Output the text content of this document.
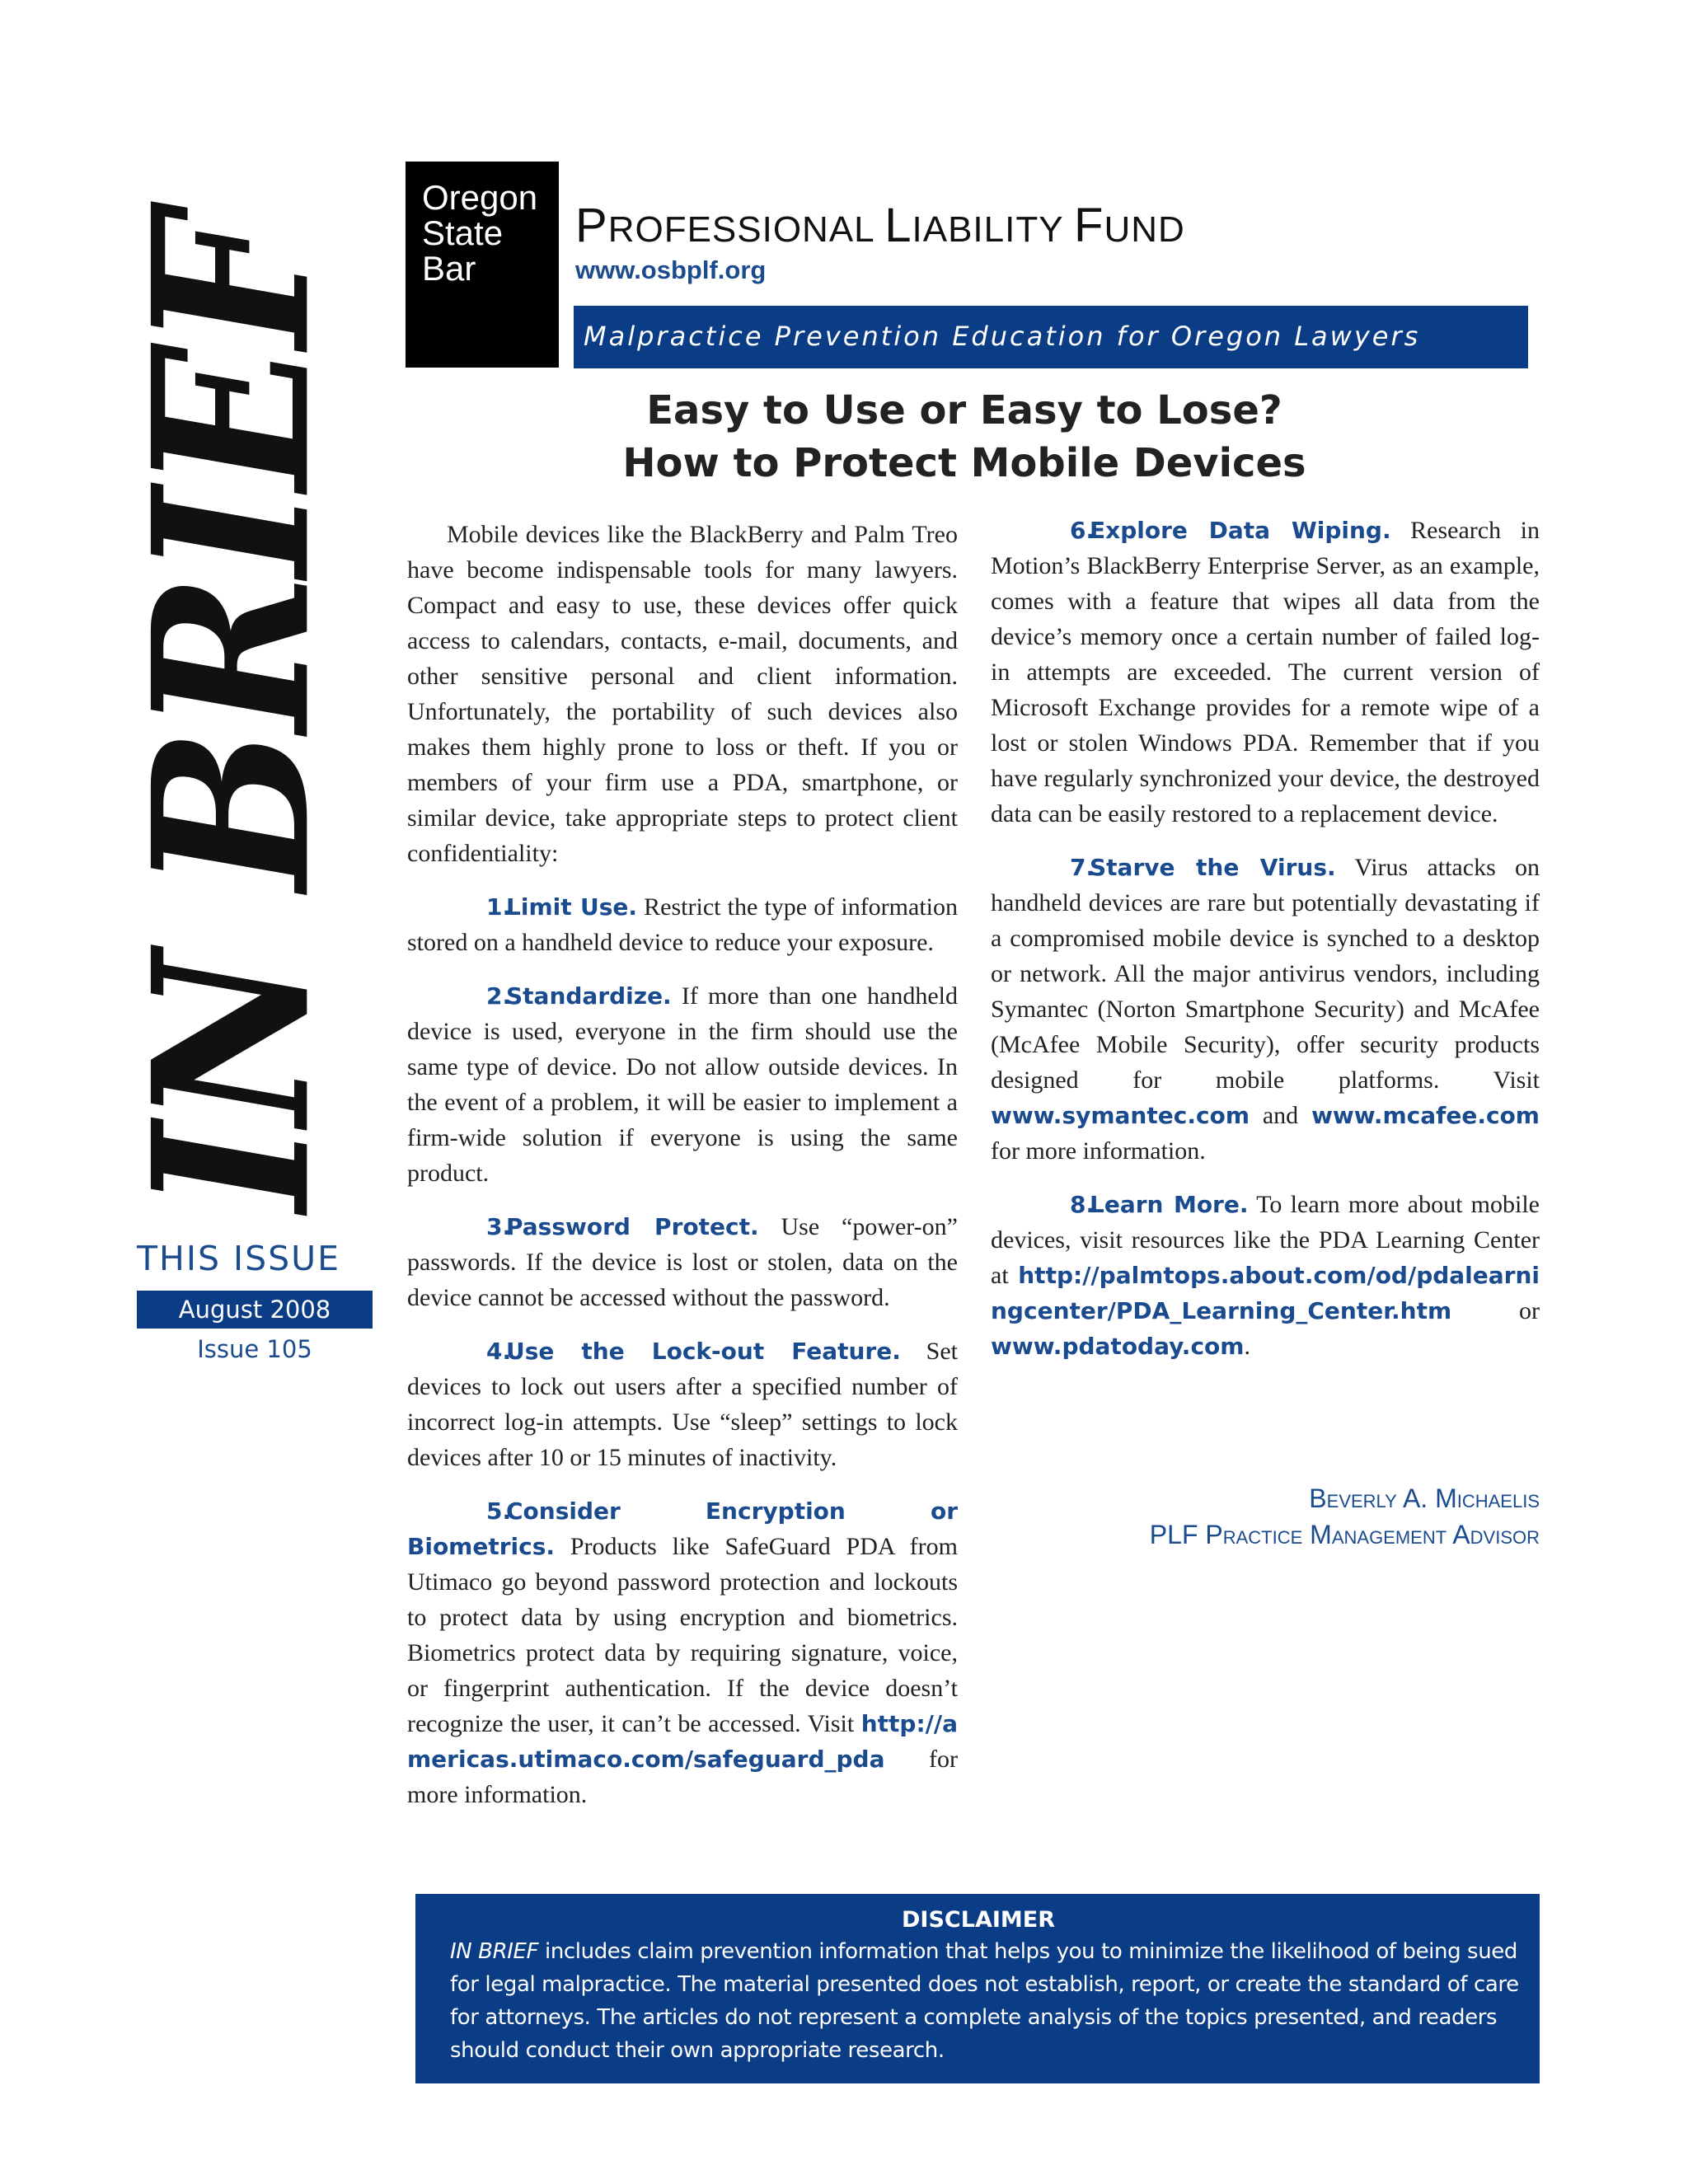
IN BRIEF
Oregon
State
Bar
PROFESSIONAL LIABILITY FUND
www.osbplf.org
Malpractice Prevention Education for Oregon Lawyers
Easy to Use or Easy to Lose?
How to Protect Mobile Devices
THIS ISSUE
August 2008
Issue 105

Mobile devices like the BlackBerry and Palm Treo have become indispensable tools for many lawyers. Compact and easy to use, these devices offer quick access to calendars, contacts, e-mail, documents, and other sensitive personal and client information. Unfortunately, the portability of such devices also makes them highly prone to loss or theft. If you or members of your firm use a PDA, smartphone, or similar device, take appropriate steps to protect client confidentiality:

1.Limit Use. Restrict the type of information stored on a handheld device to reduce your exposure.

2.Standardize. If more than one handheld device is used, everyone in the firm should use the same type of device. Do not allow outside devices. In the event of a problem, it will be easier to implement a firm-wide solution if everyone is using the same product.

3.Password Protect. Use “power-on” passwords. If the device is lost or stolen, data on the device cannot be accessed without the password.

4.Use the Lock-out Feature. Set devices to lock out users after a specified number of incorrect log-in attempts. Use “sleep” settings to lock devices after 10 or 15 minutes of inactivity.

5.Consider Encryption or Biometrics. Products like SafeGuard PDA from Utimaco go beyond password protection and lockouts to protect data by using encryption and biometrics. Biometrics protect data by requiring signature, voice, or fingerprint authentication. If the device doesn’t recognize the user, it can’t be accessed. Visit http://americas.utimaco.com/safeguard_pda for more information.

6.Explore Data Wiping. Research in Motion’s BlackBerry Enterprise Server, as an example, comes with a feature that wipes all data from the device’s memory once a certain number of failed log-in attempts are exceeded. The current version of Microsoft Exchange provides for a remote wipe of a lost or stolen Windows PDA. Remember that if you have regularly synchronized your device, the destroyed data can be easily restored to a replacement device.

7.Starve the Virus. Virus attacks on handheld devices are rare but potentially devastating if a compromised mobile device is synched to a desktop or network. All the major antivirus vendors, including Symantec (Norton Smartphone Security) and McAfee (McAfee Mobile Security), offer security products designed for mobile platforms. Visit www.symantec.com and www.mcafee.com for more information.

8.Learn More. To learn more about mobile devices, visit resources like the PDA Learning Center at http://palmtops.about.com/od/pdalearningcenter/PDA_Learning_Center.htm or www.pdatoday.com.

Beverly A. Michaelis
PLF Practice Management Advisor
DISCLAIMER
IN BRIEF includes claim prevention information that helps you to minimize the likelihood of being sued
for legal malpractice. The material presented does not establish, report, or create the standard of care
for attorneys. The articles do not represent a complete analysis of the topics presented, and readers
should conduct their own appropriate research.
